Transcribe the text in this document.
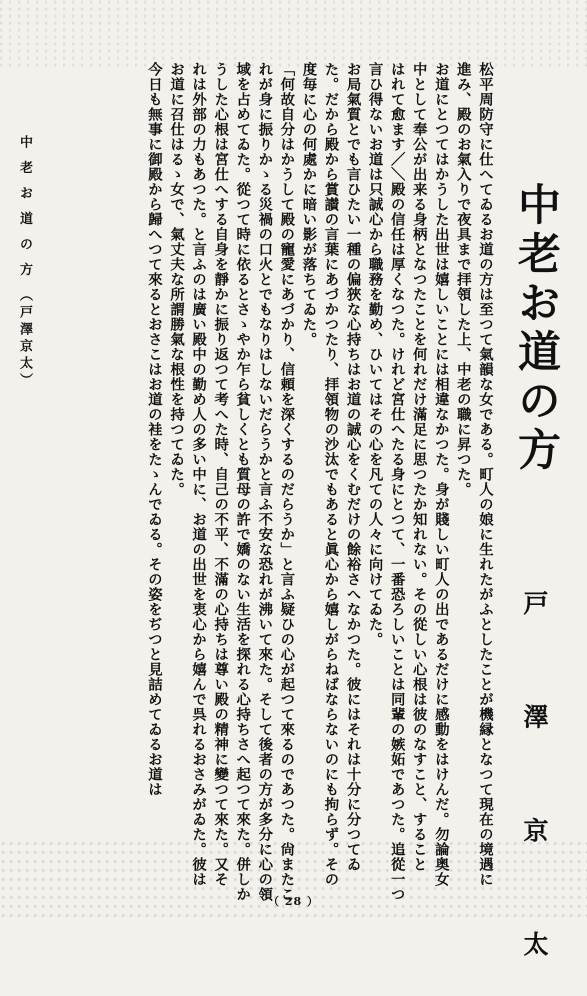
中老お道の方
戸 澤 京 太
松平周防守に仕へてゐるお道の方は至つて氣韻な女である。町人の娘に生れたがふとしたことが機縁となつて現在の境遇に
進み、殿のお氣入りで夜具まで拝領した上、中老の職に昇つた。
お道にとつてはかうした出世は嬉しいことには相違なかつた。身が賤しい町人の出であるだけに感動をはけんだ。勿論奥女
中として奉公が出来る身柄となつたことを何れだけ滿足に思つたか知れない。その從しい心根は彼のなすこと、すること
はれて愈ます／＼殿の信任は厚くなつた。けれど宮仕へたる身にとつて、一番恐ろしいことは同輩の嫉妬であつた。追從一つ
言ひ得ないお道は只誠心から職務を勤め、ひいてはその心を凡ての人々に向けてゐた。
お局氣質とでも言ひたい一種の偏狹な心持ちはお道の誠心をくむだけの餘裕さへなかつた。彼にはそれは十分に分つてゐ
た。だから殿から賞讃の言葉にあづかつたり、拝領物の沙汰でもあると眞心から嬉しがらねばならないのにも拘らず。その
度毎に心の何處かに暗い影が落ちてゐた。
「何故自分はかうして殿の寵愛にあづかり、信頼を深くするのだらうか」と言ふ疑ひの心が起つて來るのであつた。尙またこ
れが身に振りかゝる災禍の口火とでもなりはしないだらうかと言ふ不安な恐れが沸いて來た。そして後者の方が多分に心の領
域を占めてゐた。從つて時に依るとさゝやか乍ら貧しくとも質母の許で嬌のない生活を探れる心持ちさへ起つて來た。併しか
うした心根は宮仕へする自身を靜かに振り返つて考へた時、自己の不平、不滿の心持ちは尊い殿の精神に變つて來た。又そ
れは外部の力もあつた。と言ふのは廣い殿中の勤め人の多い中に、お道の出世を衷心から嬉んで呉れるおさみがゐた。彼は
お道に召仕はるゝ女で、氣丈夫な所謂勝氣な根性を持つてゐた。
今日も無事に御殿から歸へつて來るとおさこはお道の袿をたゝんでゐる。その姿をぢつと見詰めてゐるお道は
中 老 お 道 の 方 （戸澤京太）
（ 28 ）
